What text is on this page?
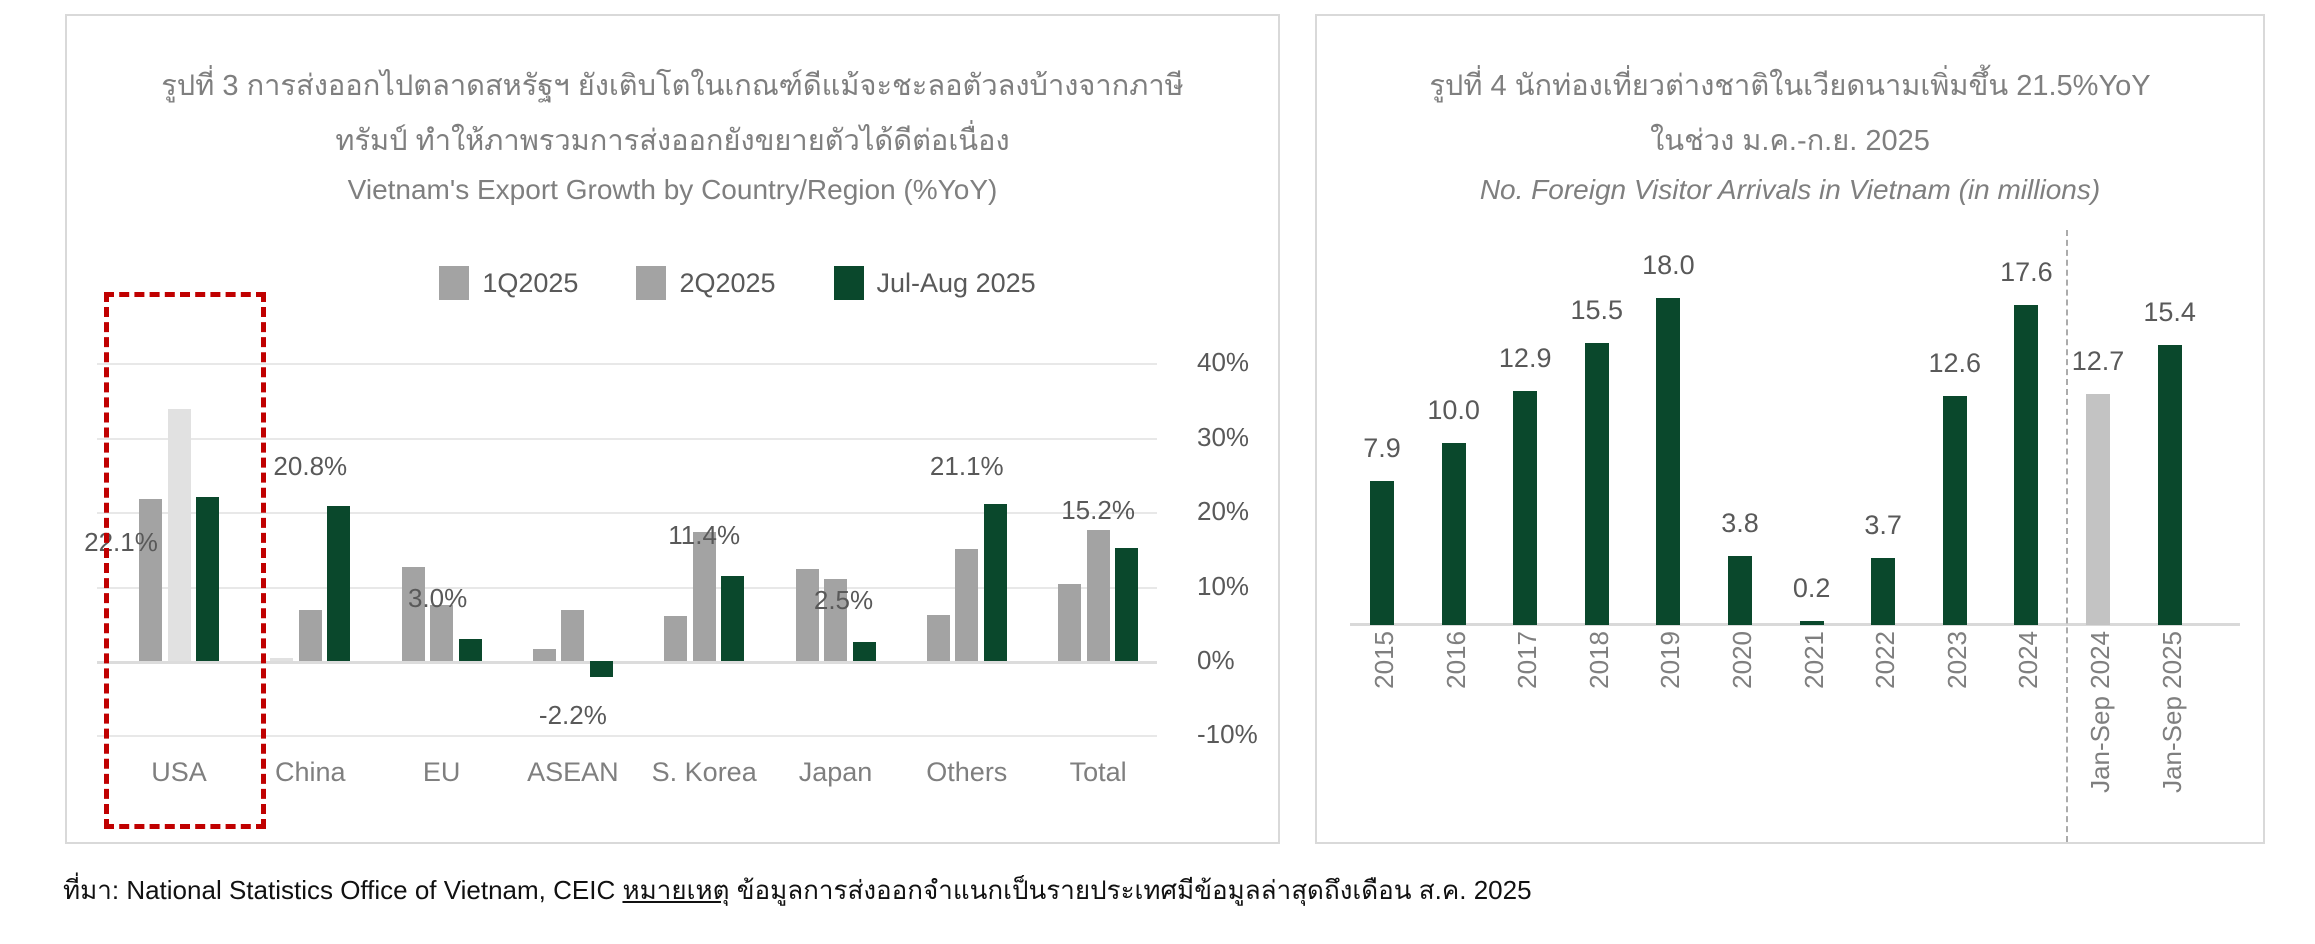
รูปที่ 3 การส่งออกไปตลาดสหรัฐฯ ยังเติบโตในเกณฑ์ดีแม้จะชะลอตัวลงบ้างจากภาษี
ทรัมป์ ทำให้ภาพรวมการส่งออกยังขยายตัวได้ดีต่อเนื่อง
Vietnam's Export Growth by Country/Region (%YoY)
1Q2025	2Q2025	Jul-Aug 2025
22.1%
20.8%
3.0%
-2.2%
11.4%
2.5%
21.1%
15.2%
40%
30%
20%
10%
0%
-10%
USA	China	EU	ASEAN	S. Korea	Japan	Others	Total
รูปที่ 4 นักท่องเที่ยวต่างชาติในเวียดนามเพิ่มขึ้น 21.5%YoY
ในช่วง ม.ค.-ก.ย. 2025
No. Foreign Visitor Arrivals in Vietnam (in millions)
7.9
2015
10.0
2016
12.9
2017
15.5
2018
18.0
2019
3.8
2020
0.2
2021
3.7
2022
12.6
2023
17.6
2024
12.7
Jan-Sep 2024
15.4
Jan-Sep 2025
ที่มา: National Statistics Office of Vietnam, CEIC หมายเหตุ ข้อมูลการส่งออกจำแนกเป็นรายประเทศมีข้อมูลล่าสุดถึงเดือน ส.ค. 2025
